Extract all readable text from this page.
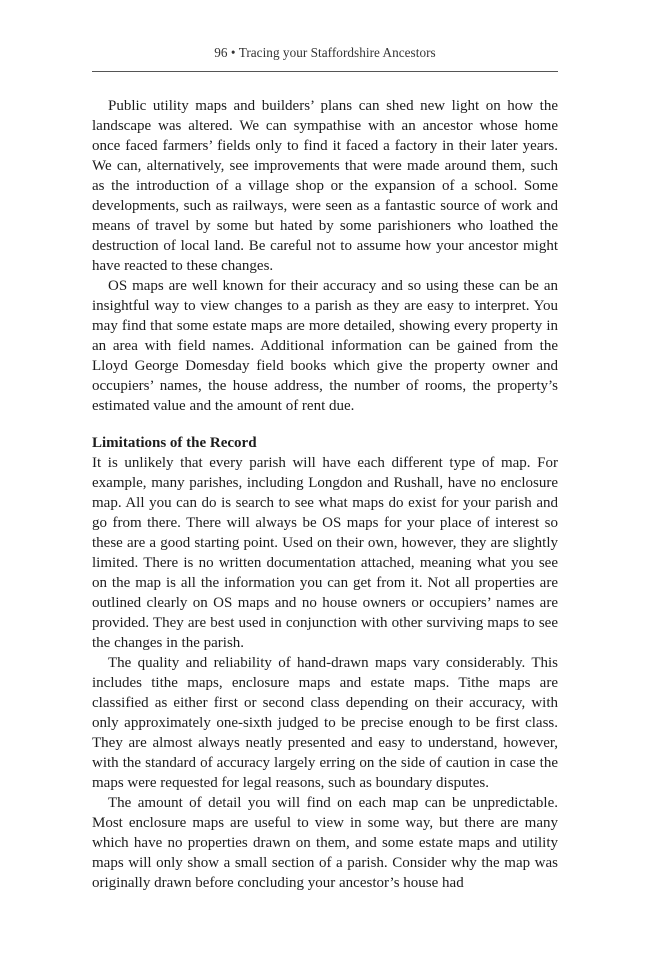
96 • Tracing your Staffordshire Ancestors

Public utility maps and builders’ plans can shed new light on how the landscape was altered. We can sympathise with an ancestor whose home once faced farmers’ fields only to find it faced a factory in their later years. We can, alternatively, see improvements that were made around them, such as the introduction of a village shop or the expansion of a school. Some developments, such as railways, were seen as a fantastic source of work and means of travel by some but hated by some parishioners who loathed the destruction of local land. Be careful not to assume how your ancestor might have reacted to these changes.

OS maps are well known for their accuracy and so using these can be an insightful way to view changes to a parish as they are easy to interpret. You may find that some estate maps are more detailed, showing every property in an area with field names. Additional information can be gained from the Lloyd George Domesday field books which give the property owner and occupiers’ names, the house address, the number of rooms, the property’s estimated value and the amount of rent due.

Limitations of the Record

It is unlikely that every parish will have each different type of map. For example, many parishes, including Longdon and Rushall, have no enclosure map. All you can do is search to see what maps do exist for your parish and go from there. There will always be OS maps for your place of interest so these are a good starting point. Used on their own, however, they are slightly limited. There is no written documentation attached, meaning what you see on the map is all the information you can get from it. Not all properties are outlined clearly on OS maps and no house owners or occupiers’ names are provided. They are best used in conjunction with other surviving maps to see the changes in the parish.

The quality and reliability of hand-drawn maps vary considerably. This includes tithe maps, enclosure maps and estate maps. Tithe maps are classified as either first or second class depending on their accuracy, with only approximately one-sixth judged to be precise enough to be first class. They are almost always neatly presented and easy to understand, however, with the standard of accuracy largely erring on the side of caution in case the maps were requested for legal reasons, such as boundary disputes.

The amount of detail you will find on each map can be unpredictable. Most enclosure maps are useful to view in some way, but there are many which have no properties drawn on them, and some estate maps and utility maps will only show a small section of a parish. Consider why the map was originally drawn before concluding your ancestor’s house had
